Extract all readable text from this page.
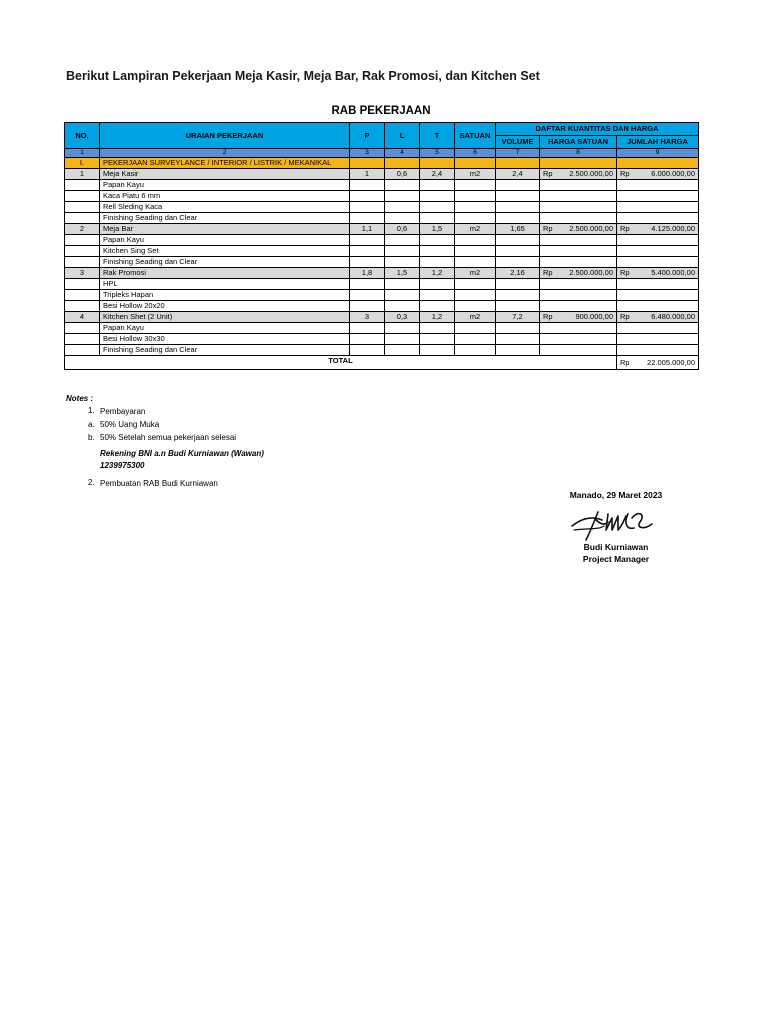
Berikut Lampiran Pekerjaan Meja Kasir, Meja Bar, Rak Promosi, dan Kitchen Set
RAB PEKERJAAN
NO.	URAIAN PEKERJAAN	P	L	T	SATUAN	DAFTAR KUANTITAS DAN HARGA		
						VOLUME	HARGA SATUAN	JUMLAH HARGA
1	2	3	4	5	6	7	8	9
I.	PEKERJAAN SURVEYLANCE / INTERIOR / LISTRIK / MEKANIKAL							
1	Meja Kasir	1	0,6	2,4	m2	2,4	Rp 2.500.000,00	Rp 6.000.000,00

	Papan Kayu							
	Kaca Piatu 6 mm							
	Rell Sleding Kaca							
	Finishing Seading dan Clear							
2	Meja Bar	1,1	0,6	1,5	m2	1,65	Rp 2.500.000,00	Rp 4.125.000,00

	Papan Kayu							
	Kitchen Sing Set							
	Finishing Seading dan Clear							
3	Rak Promosi	1,8	1,5	1,2	m2	2,16	Rp 2.500.000,00	Rp 5.400.000,00

	HPL							
	Tripleks Hapan							
	Besi Hollow 20x20							
4	Kitchen Shet (2 Unit)	3	0,3	1,2	m2	7,2	Rp 900.000,00	Rp 6.480.000,00

	Papan Kayu							
	Besi Hollow 30x30							
	Finishing Seading dan Clear							
TOTAL								Rp 22.005.000,00
Notes :
1. Pembayaran
a. 50% Uang Muka
b. 50% Setelah semua pekerjaan selesai
Rekening BNI a.n Budi Kurniawan (Wawan)
1239975300
2. Pembuatan RAB Budi Kurniawan
Manado, 29 Maret 2023
Budi Kurniawan
Project Manager
